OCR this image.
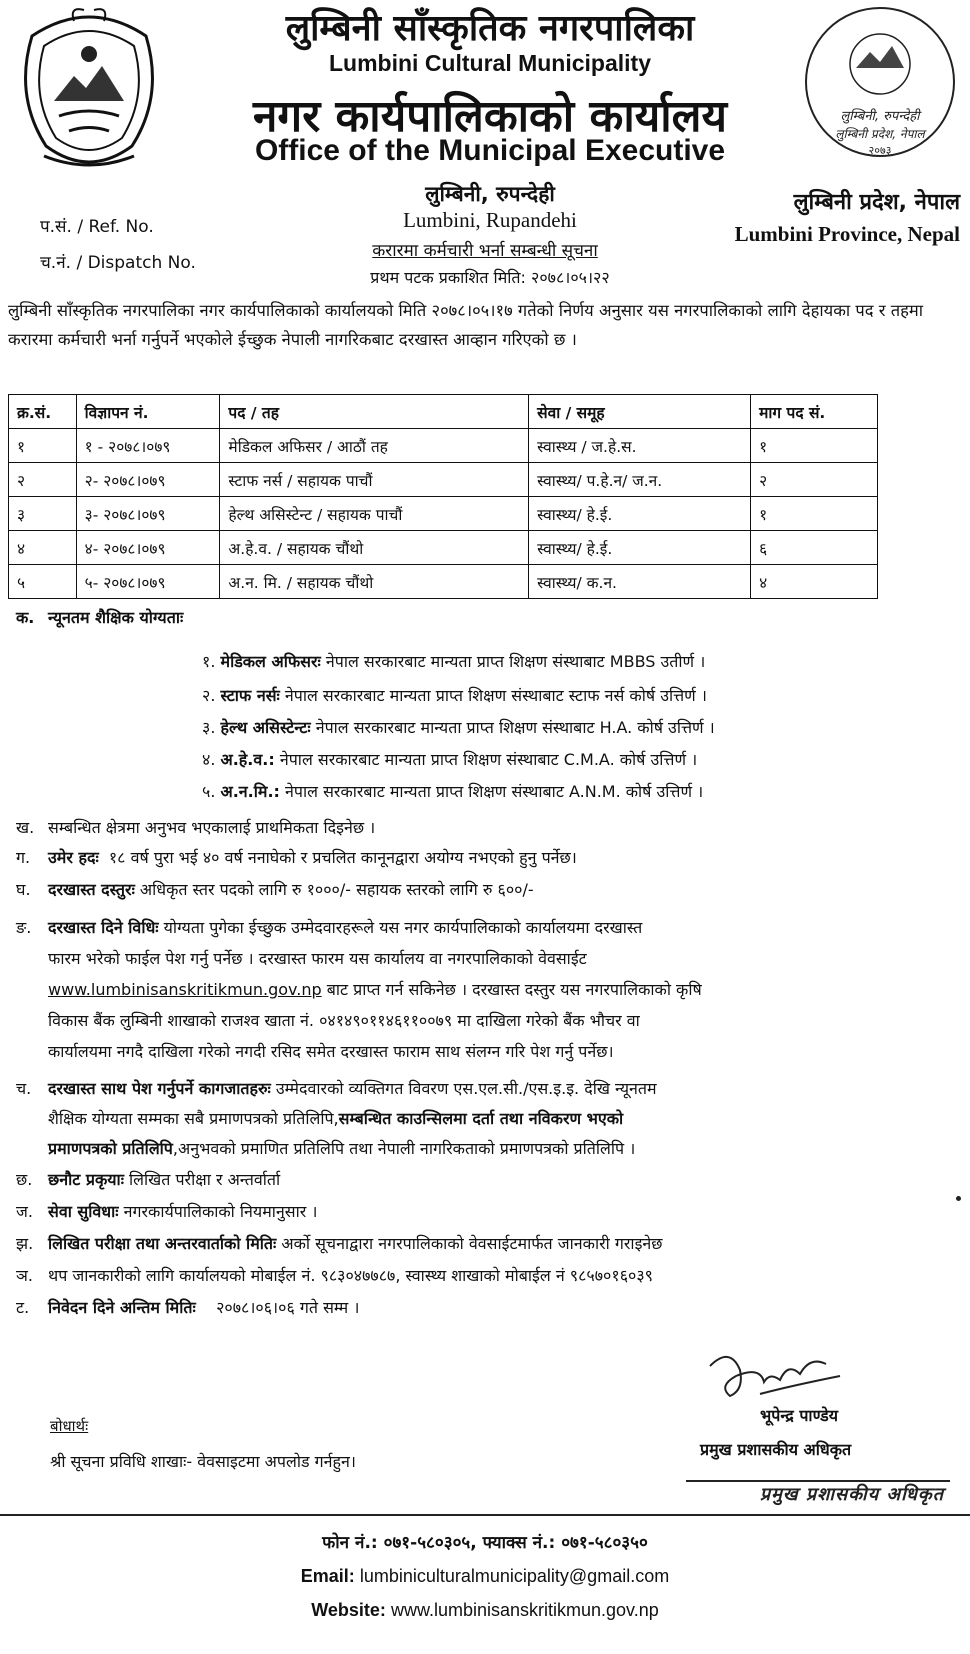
लुम्बिनी, रुपन्देही
लुम्बिनी प्रदेश, नेपाल
२०७३
लुम्बिनी साँस्कृतिक नगरपालिका
Lumbini Cultural Municipality
नगर कार्यपालिकाको कार्यालय
Office of the Municipal Executive
लुम्बिनी, रुपन्देही
Lumbini, Rupandehi
लुम्बिनी प्रदेश, नेपाल
Lumbini Province, Nepal
प.सं. / Ref. No.
च.नं. / Dispatch No.
करारमा कर्मचारी भर्ना सम्बन्धी सूचना
प्रथम पटक प्रकाशित मिति: २०७८।०५।२२
लुम्बिनी साँस्कृतिक नगरपालिका नगर कार्यपालिकाको कार्यालयको मिति २०७८।०५।१७ गतेको निर्णय अनुसार यस नगरपालिकाको लागि देहायका पद र तहमा करारमा कर्मचारी भर्ना गर्नुपर्ने भएकोले ईच्छुक नेपाली नागरिकबाट दरखास्त आव्हान गरिएको छ ।
क्र.सं.	विज्ञापन नं.	पद / तह	सेवा / समूह	माग पद सं.
१	१ - २०७८।०७९	मेडिकल अफिसर / आठौं तह	स्वास्थ्य / ज.हे.स.	१
२	२- २०७८।०७९	स्टाफ नर्स / सहायक पाचौं	स्वास्थ्य/ प.हे.न/ ज.न.	२
३	३- २०७८।०७९	हेल्थ असिस्टेन्ट / सहायक पाचौं	स्वास्थ्य/ हे.ई.	१
४	४- २०७८।०७९	अ.हे.व. / सहायक चौंथो	स्वास्थ्य/ हे.ई.	६
५	५- २०७८।०७९	अ.न. मि. / सहायक चौंथो	स्वास्थ्य/ क.न.	४
क. न्यूनतम शैक्षिक योग्यताः
१. मेडिकल अफिसरः नेपाल सरकारबाट मान्यता प्राप्त शिक्षण संस्थाबाट MBBS उतीर्ण ।
२. स्टाफ नर्सः नेपाल सरकारबाट मान्यता प्राप्त शिक्षण संस्थाबाट स्टाफ नर्स कोर्ष उत्तिर्ण ।
३. हेल्थ असिस्टेन्टः नेपाल सरकारबाट मान्यता प्राप्त शिक्षण संस्थाबाट H.A. कोर्ष उत्तिर्ण ।
४. अ.हे.व.: नेपाल सरकारबाट मान्यता प्राप्त शिक्षण संस्थाबाट C.M.A. कोर्ष उत्तिर्ण ।
५. अ.न.मि.: नेपाल सरकारबाट मान्यता प्राप्त शिक्षण संस्थाबाट A.N.M. कोर्ष उत्तिर्ण ।
ख. सम्बन्धित क्षेत्रमा अनुभव भएकालाई प्राथमिकता दिइनेछ ।
ग. उमेर हदः १८ वर्ष पुरा भई ४० वर्ष ननाघेको र प्रचलित कानूनद्वारा अयोग्य नभएको हुनु पर्नेछ।
घ. दरखास्त दस्तुरः अधिकृत स्तर पदको लागि रु १०००/- सहायक स्तरको लागि रु ६००/-
ङ. दरखास्त दिने विधिः योग्यता पुगेका ईच्छुक उम्मेदवारहरूले यस नगर कार्यपालिकाको कार्यालयमा दरखास्त
फारम भरेको फाईल पेश गर्नु पर्नेछ । दरखास्त फारम यस कार्यालय वा नगरपालिकाको वेवसाईट
www.lumbinisanskritikmun.gov.np बाट प्राप्त गर्न सकिनेछ । दरखास्त दस्तुर यस नगरपालिकाको कृषि
विकास बैंक लुम्बिनी शाखाको राजश्व खाता नं. ०४१४९०११४६११००७९ मा दाखिला गरेको बैंक भौचर वा
कार्यालयमा नगदै दाखिला गरेको नगदी रसिद समेत दरखास्त फाराम साथ संलग्न गरि पेश गर्नु पर्नेछ।
च. दरखास्त साथ पेश गर्नुपर्ने कागजातहरुः उम्मेदवारको व्यक्तिगत विवरण एस.एल.सी./एस.इ.इ. देखि न्यूनतम
शैक्षिक योग्यता सम्मका सबै प्रमाणपत्रको प्रतिलिपि,सम्बन्धित काउन्सिलमा दर्ता तथा नविकरण भएको
प्रमाणपत्रको प्रतिलिपि,अनुभवको प्रमाणित प्रतिलिपि तथा नेपाली नागरिकताको प्रमाणपत्रको प्रतिलिपि ।
छ. छनौट प्रकृयाः लिखित परीक्षा र अन्तर्वार्ता
ज. सेवा सुविधाः नगरकार्यपालिकाको नियमानुसार ।
झ. लिखित परीक्षा तथा अन्तरवार्ताको मितिः अर्को सूचनाद्वारा नगरपालिकाको वेवसाईटमार्फत जानकारी गराइनेछ
ञ. थप जानकारीको लागि कार्यालयको मोबाईल नं. ९८३०४७७८७, स्वास्थ्य शाखाको मोबाईल नं ९८५७०१६०३९
ट. निवेदन दिने अन्तिम मितिः २०७८।०६।०६ गते सम्म ।
भूपेन्द्र पाण्डेय
प्रमुख प्रशासकीय अधिकृत
बोधार्थः
श्री सूचना प्रविधि शाखाः- वेवसाइटमा अपलोड गर्नहुन।
प्रमुख प्रशासकीय अधिकृत
फोन नं.: ०७१-५८०३०५, फ्याक्स नं.: ०७१-५८०३५०
Email: lumbiniculturalmunicipality@gmail.com
Website: www.lumbinisanskritikmun.gov.np
